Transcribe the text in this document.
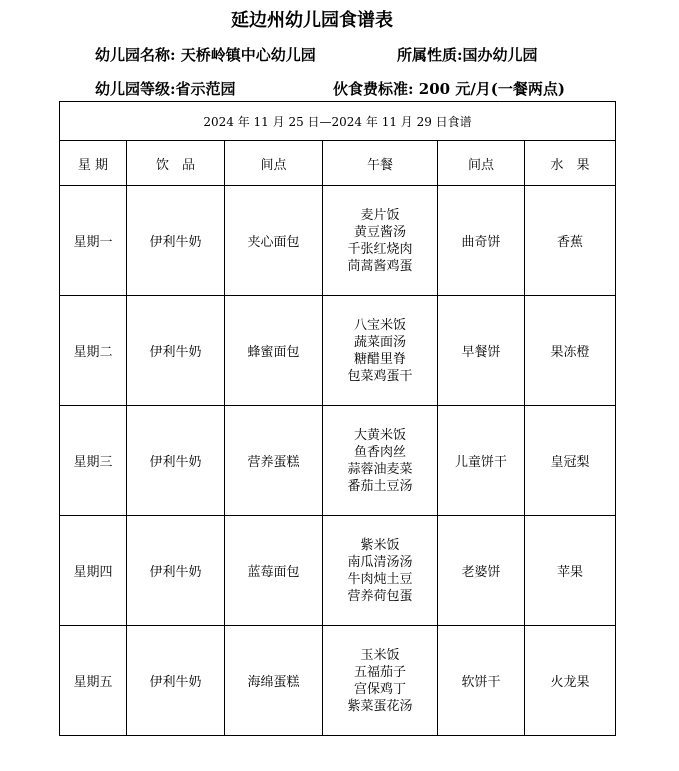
延边州幼儿园食谱表
幼儿园名称: 天桥岭镇中心幼儿园	所属性质:国办幼儿园
幼儿园等级:省示范园	伙食费标准: 200 元/月(一餐两点)
2024 年 11 月 25 日—2024 年 11 月 29 日食谱					
星 期	饮　品	间点	午餐	间点	水　果
星期一	伊利牛奶	夹心面包	麦片饭
黄豆酱汤
千张红烧肉
茼蒿酱鸡蛋	曲奇饼	香蕉
星期二	伊利牛奶	蜂蜜面包	八宝米饭
蔬菜面汤
糖醋里脊
包菜鸡蛋干	早餐饼	果冻橙
星期三	伊利牛奶	营养蛋糕	大黄米饭
鱼香肉丝
蒜蓉油麦菜
番茄土豆汤	儿童饼干	皇冠梨
星期四	伊利牛奶	蓝莓面包	紫米饭
南瓜清汤汤
牛肉炖土豆
营养荷包蛋	老婆饼	苹果
星期五	伊利牛奶	海绵蛋糕	玉米饭
五福茄子
宫保鸡丁
紫菜蛋花汤	软饼干	火龙果
